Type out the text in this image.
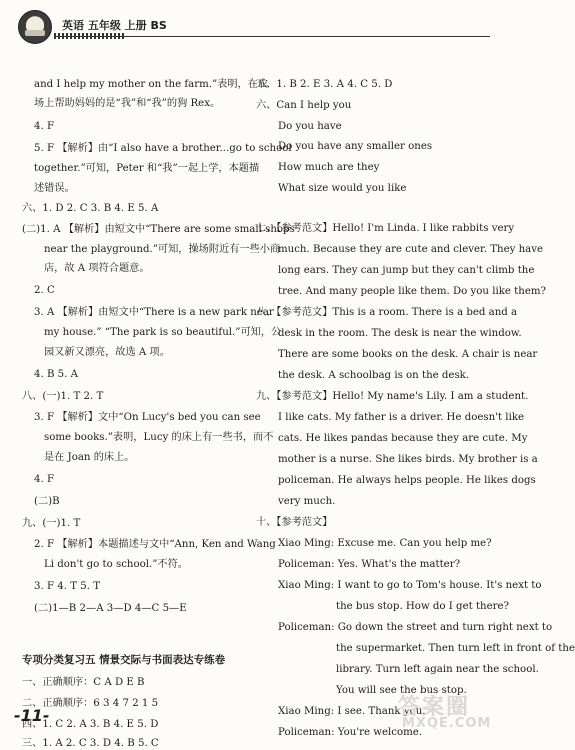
英语 五年级 上册 BS
and I help my mother on the farm.”表明，在农
场上帮助妈妈的是“我”和“我”的狗 Rex。
4. F
5. F 【解析】由“I also have a brother...go to school
together.”可知，Peter 和“我”一起上学，本题描
述错误。
六、1. D 2. C 3. B 4. E 5. A
(二)1. A 【解析】由短文中“There are some small shops
near the playground.”可知，操场附近有一些小商
店，故 A 项符合题意。
2. C
3. A 【解析】由短文中“There is a new park near
my house.” “The park is so beautiful.”可知，公
园又新又漂亮，故选 A 项。
4. B 5. A
八、(一)1. T 2. T
3. F 【解析】文中“On Lucy's bed you can see
some books.”表明，Lucy 的床上有一些书，而不
是在 Joan 的床上。
4. F
(二)B
九、(一)1. T
2. F 【解析】本题描述与文中“Ann, Ken and Wang
Li don't go to school.”不符。
3. F 4. T 5. T
(二)1—B 2—A 3—D 4—C 5—E
专项分类复习五 情景交际与书面表达专练卷
一、正确顺序：C A D E B
二、正确顺序：6 3 4 7 2 1 5
四、1. C 2. A 3. B 4. E 5. D
三、1. A 2. C 3. D 4. B 5. C
五、1. B 2. E 3. A 4. C 5. D
六、Can I help you
Do you have
Do you have any smaller ones
How much are they
What size would you like
七、【参考范文】Hello! I'm Linda. I like rabbits very
much. Because they are cute and clever. They have
long ears. They can jump but they can't climb the
tree. And many people like them. Do you like them?
八、【参考范文】This is a room. There is a bed and a
desk in the room. The desk is near the window.
There are some books on the desk. A chair is near
the desk. A schoolbag is on the desk.
九、【参考范文】Hello! My name's Lily. I am a student.
I like cats. My father is a driver. He doesn't like
cats. He likes pandas because they are cute. My
mother is a nurse. She likes birds. My brother is a
policeman. He always helps people. He likes dogs
very much.
十、【参考范文】
Xiao Ming: Excuse me. Can you help me?
Policeman: Yes. What's the matter?
Xiao Ming: I want to go to Tom's house. It's next to
the bus stop. How do I get there?
Policeman: Go down the street and turn right next to
the supermarket. Then turn left in front of the
library. Turn left again near the school.
You will see the bus stop.
Xiao Ming: I see. Thank you.
Policeman: You're welcome.
-11-	答案圈
MXQE.COM
